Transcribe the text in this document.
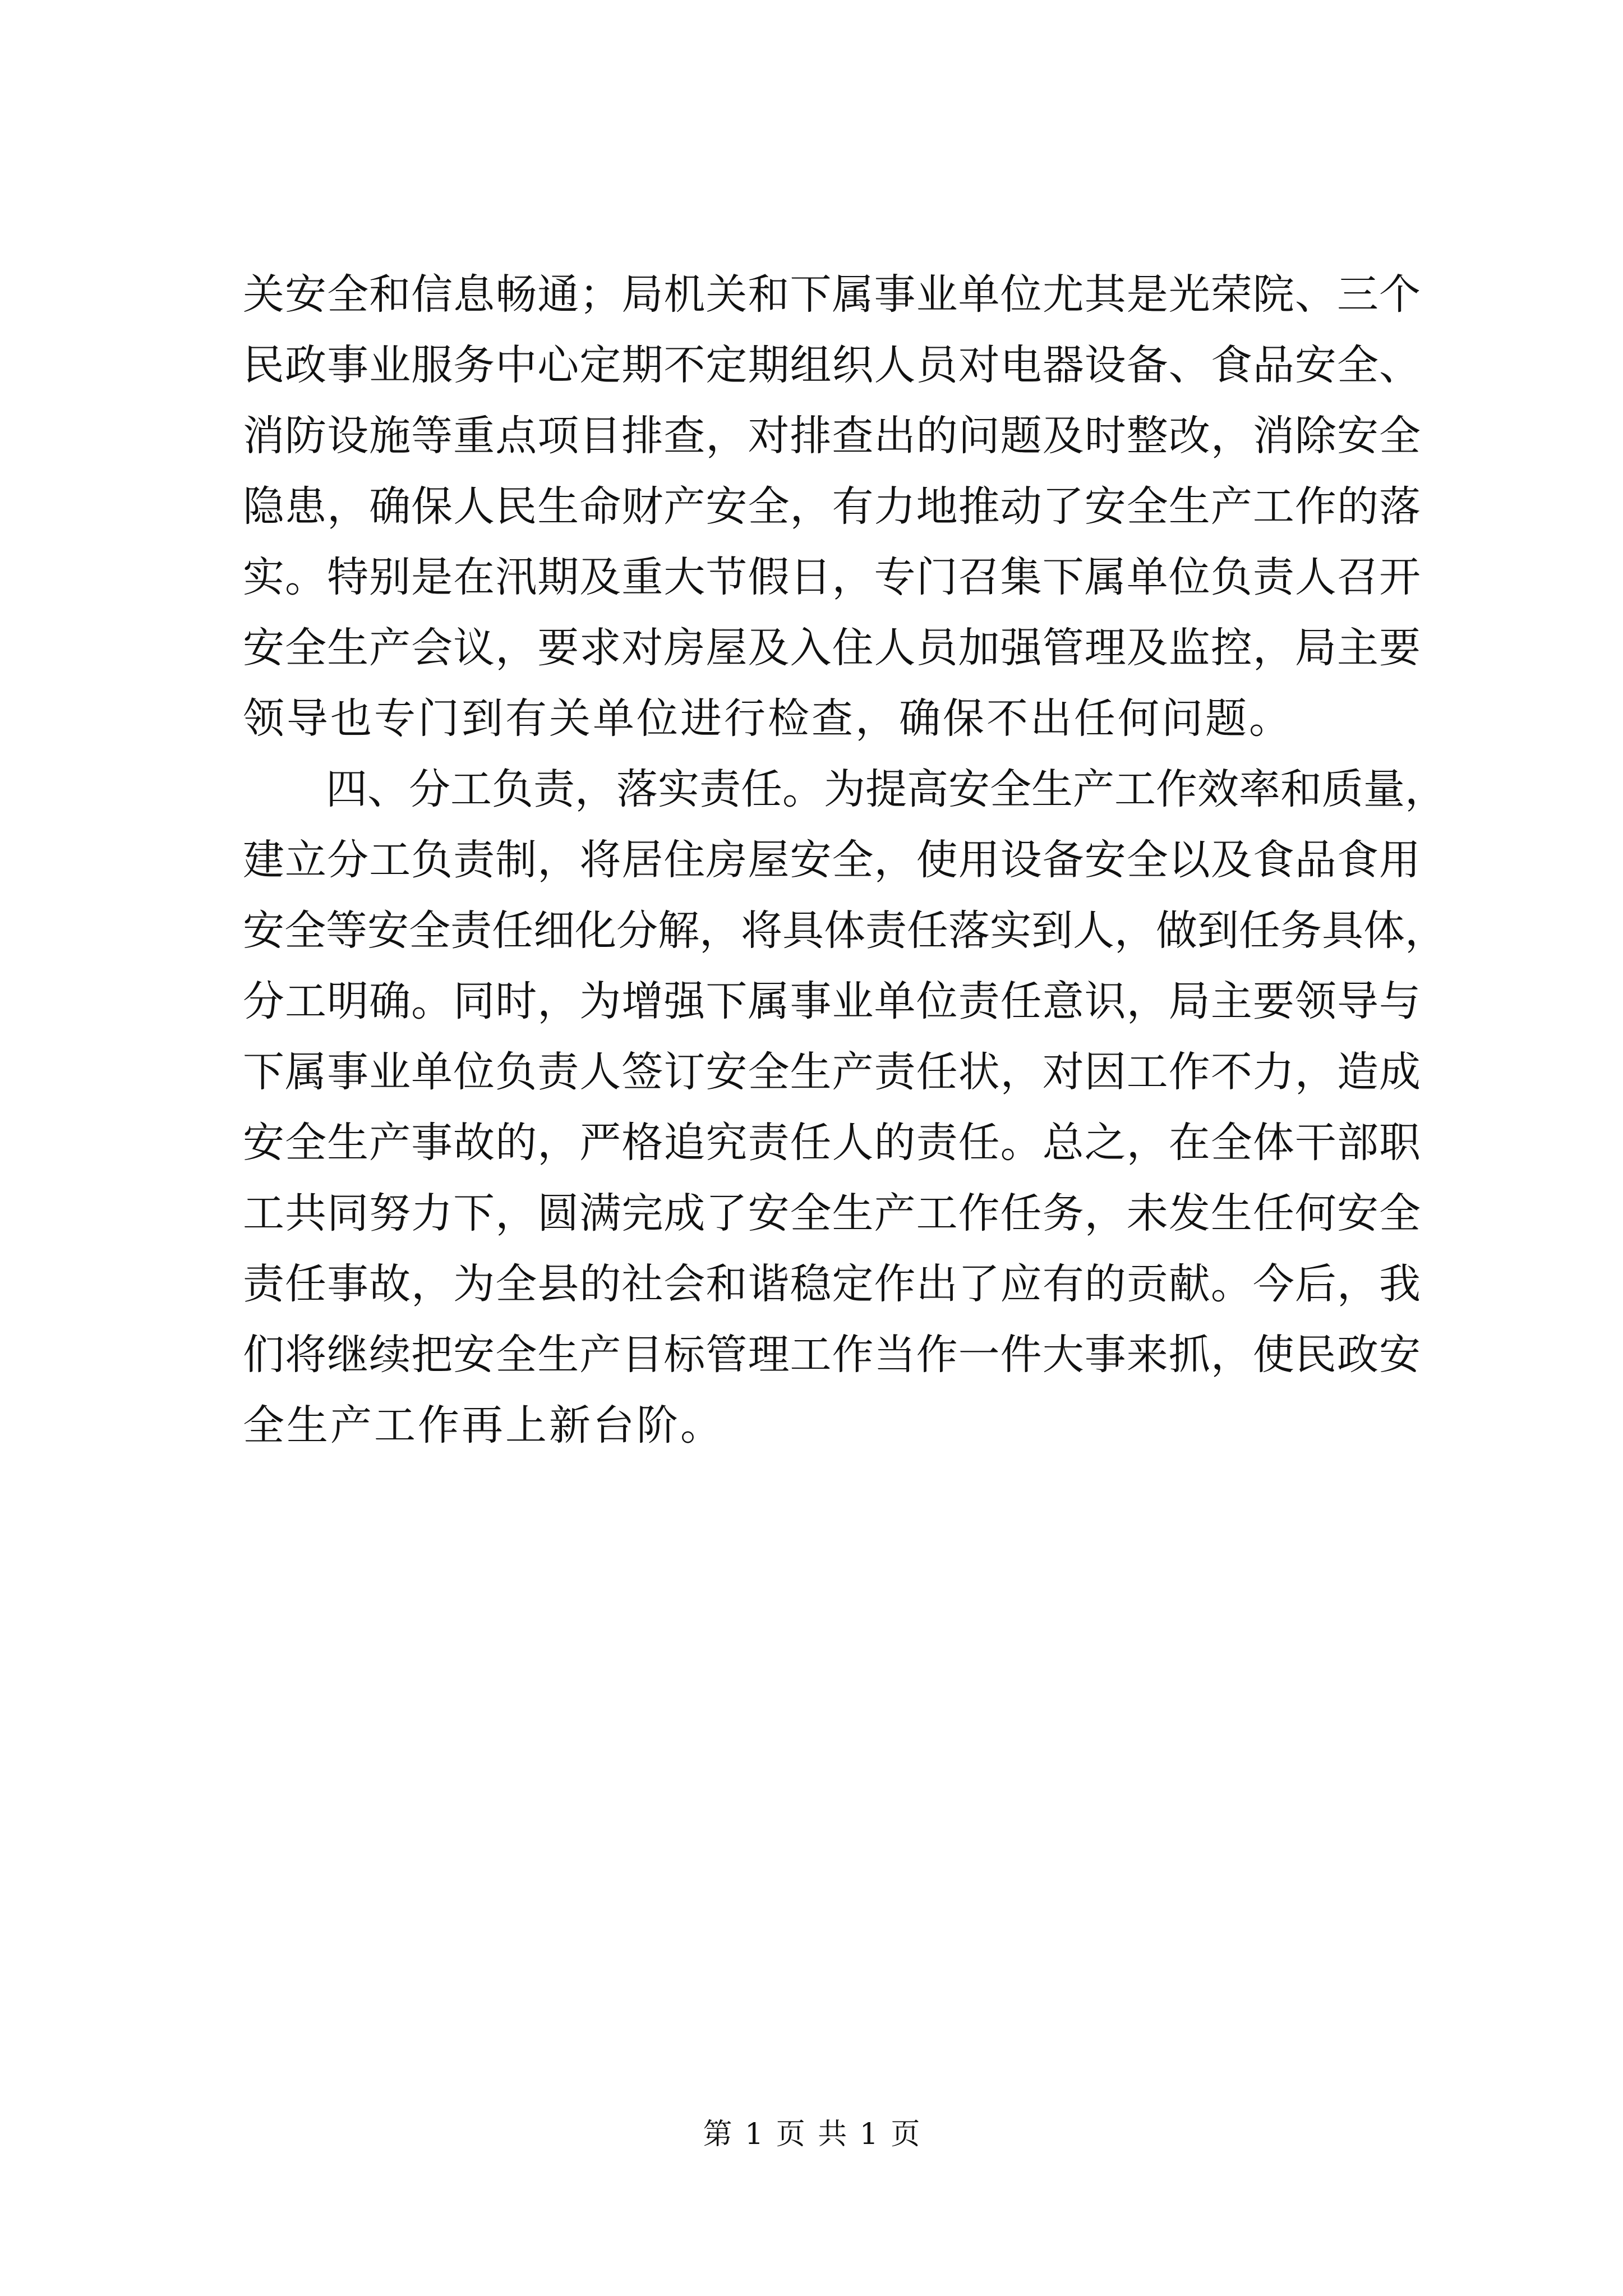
关安全和信息畅通；局机关和下属事业单位尤其是光荣院、三个
民政事业服务中心定期不定期组织人员对电器设备、食品安全、
消防设施等重点项目排查，对排查出的问题及时整改，消除安全
隐患，确保人民生命财产安全，有力地推动了安全生产工作的落
实。特别是在汛期及重大节假日，专门召集下属单位负责人召开
安全生产会议，要求对房屋及入住人员加强管理及监控，局主要
领导也专门到有关单位进行检查，确保不出任何问题。
四、分工负责，落实责任。为提高安全生产工作效率和质量，
建立分工负责制，将居住房屋安全，使用设备安全以及食品食用
安全等安全责任细化分解，将具体责任落实到人，做到任务具体，
分工明确。同时，为增强下属事业单位责任意识，局主要领导与
下属事业单位负责人签订安全生产责任状，对因工作不力，造成
安全生产事故的，严格追究责任人的责任。总之，在全体干部职
工共同努力下，圆满完成了安全生产工作任务，未发生任何安全
责任事故，为全县的社会和谐稳定作出了应有的贡献。今后，我
们将继续把安全生产目标管理工作当作一件大事来抓，使民政安
全生产工作再上新台阶。
第 1 页 共 1 页
